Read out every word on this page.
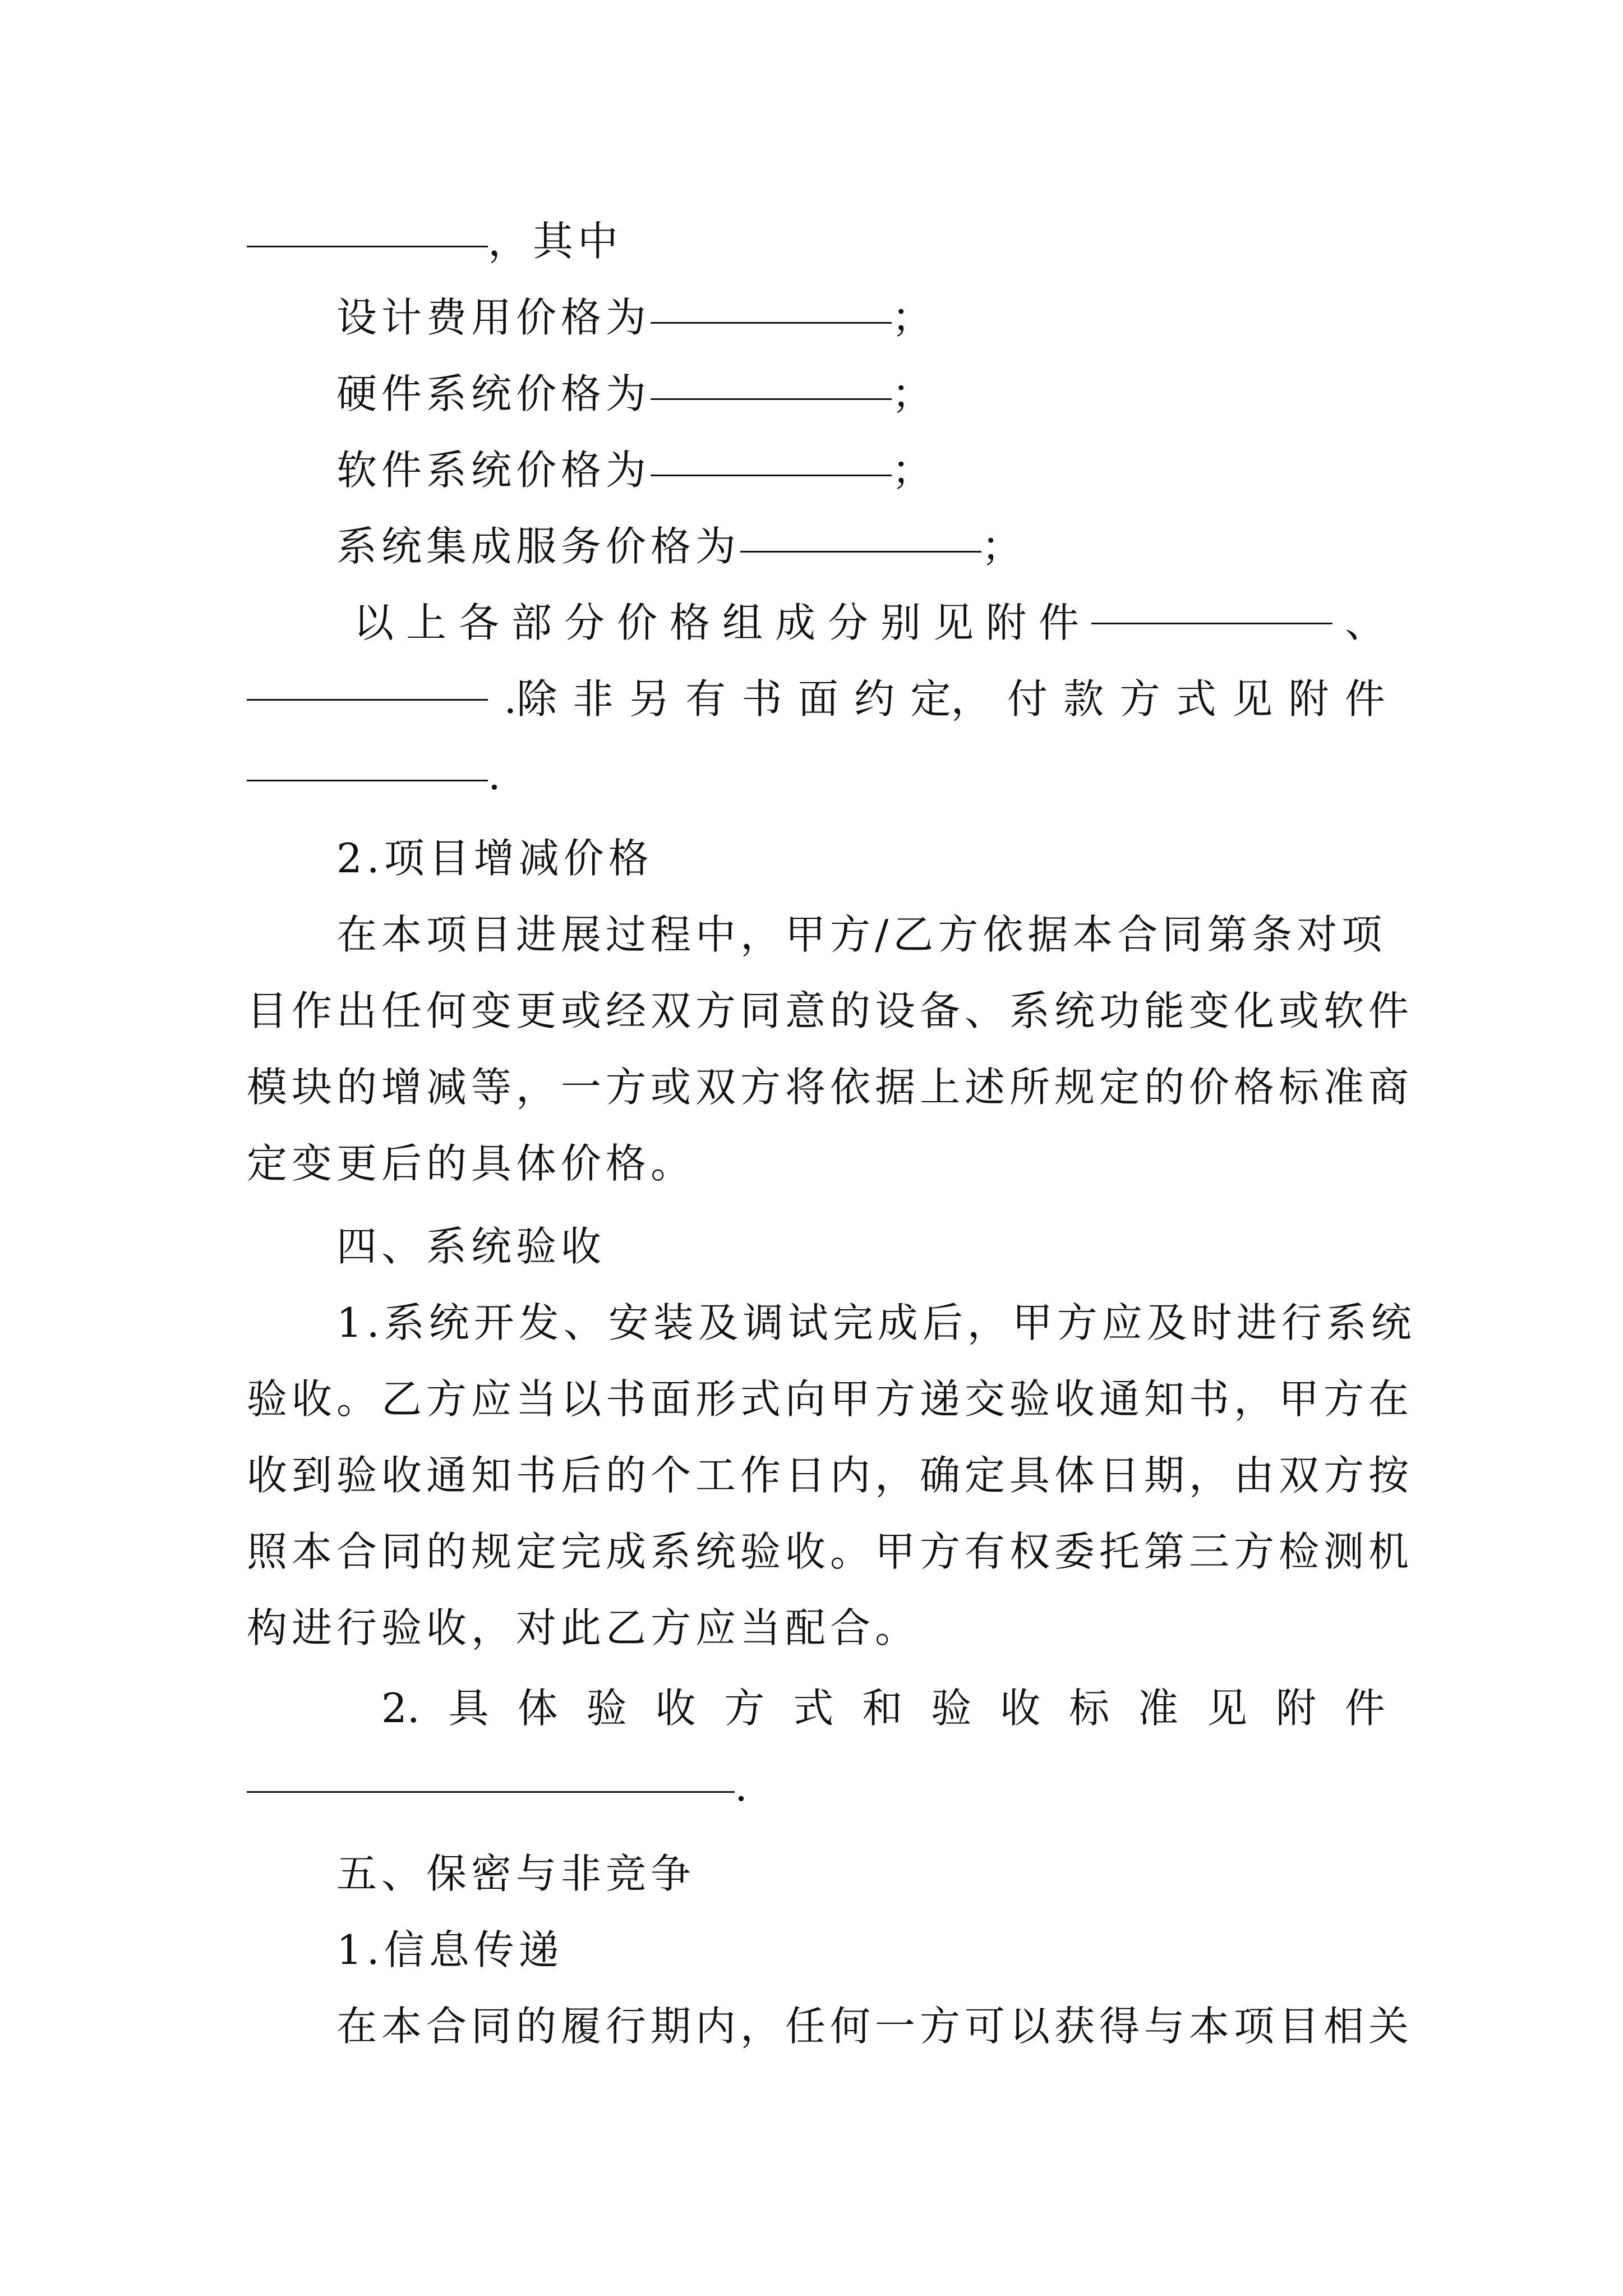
，其中
设计费用价格为	；
硬件系统价格为	；
软件系统价格为	；
系统集成服务价格为	；
以 上 各 部 分 价 格 组 成 分 别 见 附 件	、
.除 非 另 有 书 面 约 定， 付 款 方 式 见 附 件
.
2.项目增减价格
在本项目进展过程中，甲方/乙方依据本合同第条对项
目作出任何变更或经双方同意的设备、系统功能变化或软件
模块的增减等，一方或双方将依据上述所规定的价格标准商
定变更后的具体价格。
四、系统验收
1.系统开发、安装及调试完成后，甲方应及时进行系统
验收。乙方应当以书面形式向甲方递交验收通知书，甲方在
收到验收通知书后的个工作日内，确定具体日期，由双方按
照本合同的规定完成系统验收。甲方有权委托第三方检测机
构进行验收，对此乙方应当配合。
2. 具 体 验 收 方 式 和 验 收 标 准 见 附 件
.
五、保密与非竞争
1.信息传递
在本合同的履行期内，任何一方可以获得与本项目相关
